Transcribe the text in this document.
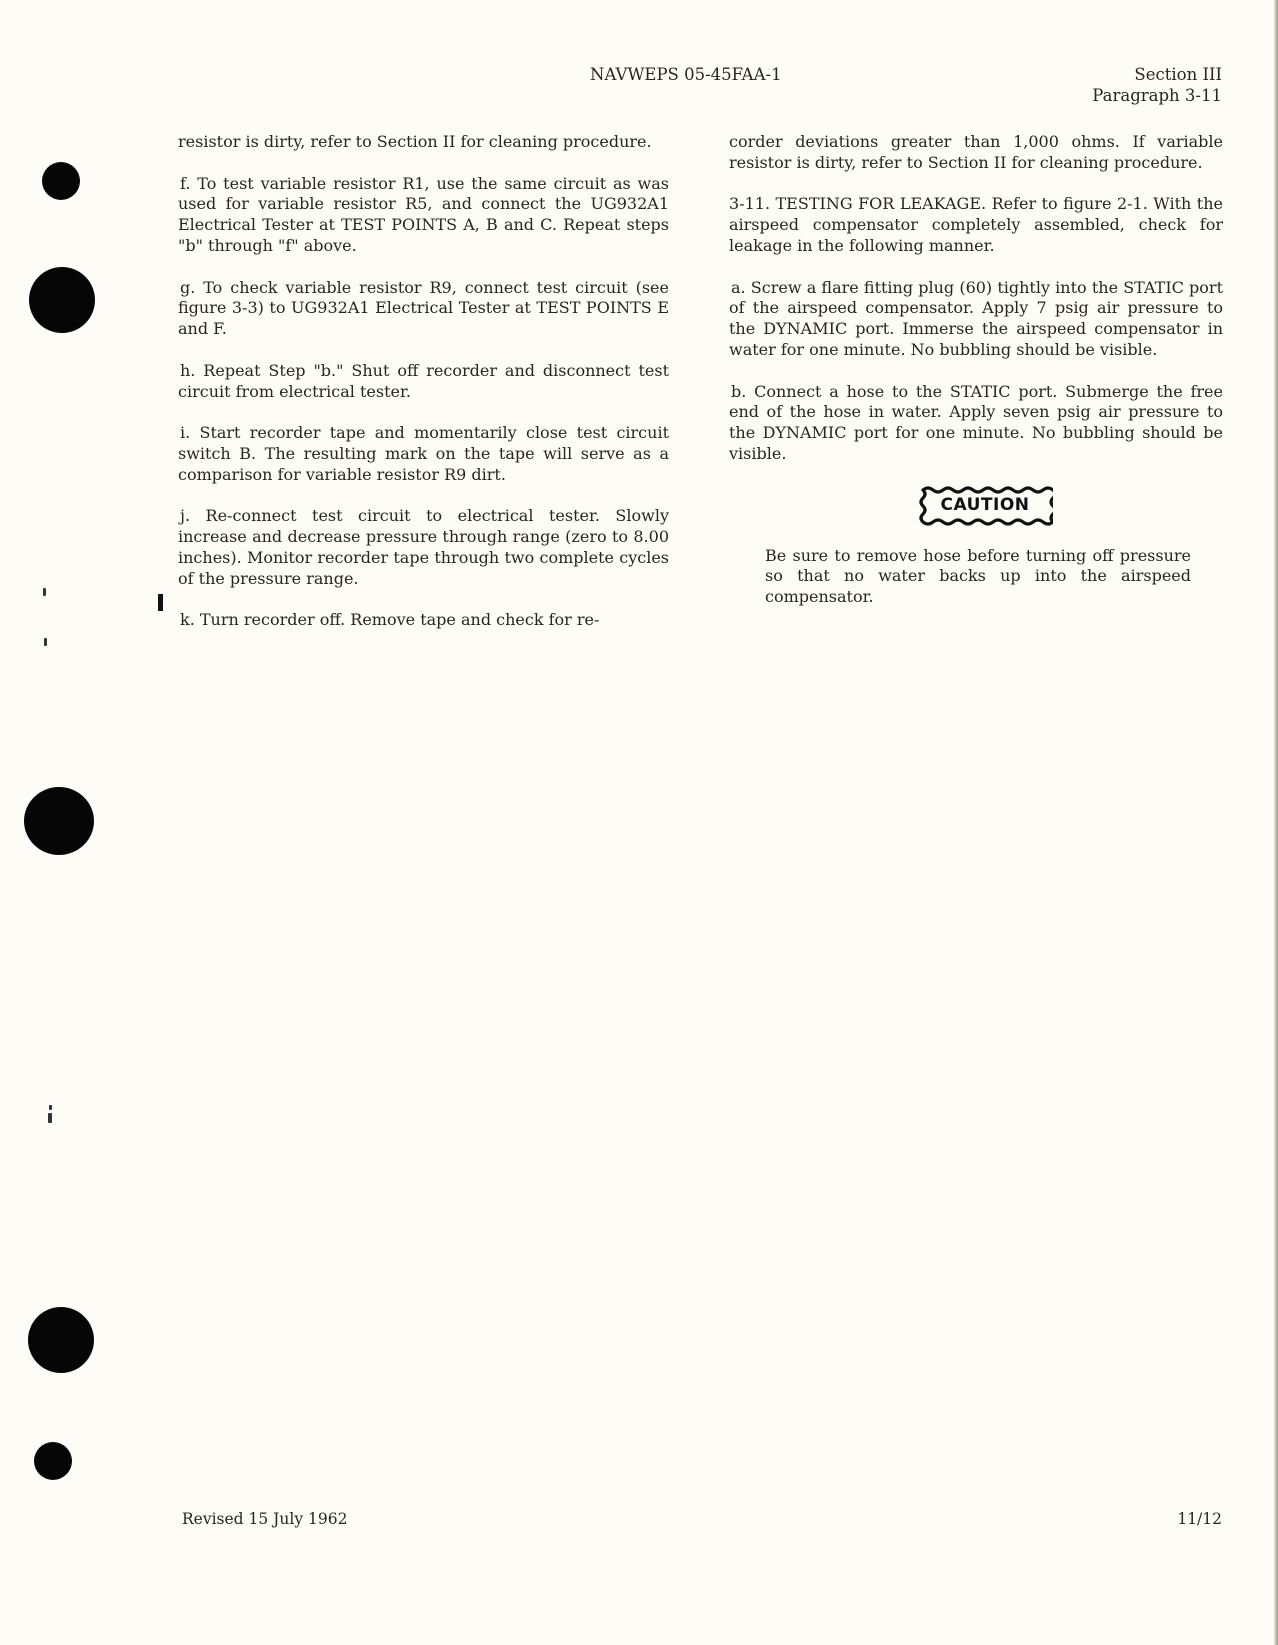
NAVWEPS 05-45FAA-1	Section III
Paragraph 3-11

resistor is dirty, refer to Section II for cleaning procedure.

f. To test variable resistor R1, use the same circuit as was used for variable resistor R5, and connect the UG932A1 Electrical Tester at TEST POINTS A, B and C. Repeat steps "b" through "f" above.

g. To check variable resistor R9, connect test circuit (see figure 3-3) to UG932A1 Electrical Tester at TEST POINTS E and F.

h. Repeat Step "b." Shut off recorder and disconnect test circuit from electrical tester.

i. Start recorder tape and momentarily close test circuit switch B. The resulting mark on the tape will serve as a comparison for variable resistor R9 dirt.

j. Re-connect test circuit to electrical tester. Slowly increase and decrease pressure through range (zero to 8.00 inches). Monitor recorder tape through two complete cycles of the pressure range.

k. Turn recorder off. Remove tape and check for re-

corder deviations greater than 1,000 ohms. If variable resistor is dirty, refer to Section II for cleaning procedure.

3-11. TESTING FOR LEAKAGE. Refer to figure 2-1. With the airspeed compensator completely assembled, check for leakage in the following manner.

a. Screw a flare fitting plug (60) tightly into the STATIC port of the airspeed compensator. Apply 7 psig air pressure to the DYNAMIC port. Immerse the airspeed compensator in water for one minute. No bubbling should be visible.

b. Connect a hose to the STATIC port. Submerge the free end of the hose in water. Apply seven psig air pressure to the DYNAMIC port for one minute. No bubbling should be visible.

CAUTION

Be sure to remove hose before turning off pressure so that no water backs up into the airspeed compensator.

Revised 15 July 1962	11/12
